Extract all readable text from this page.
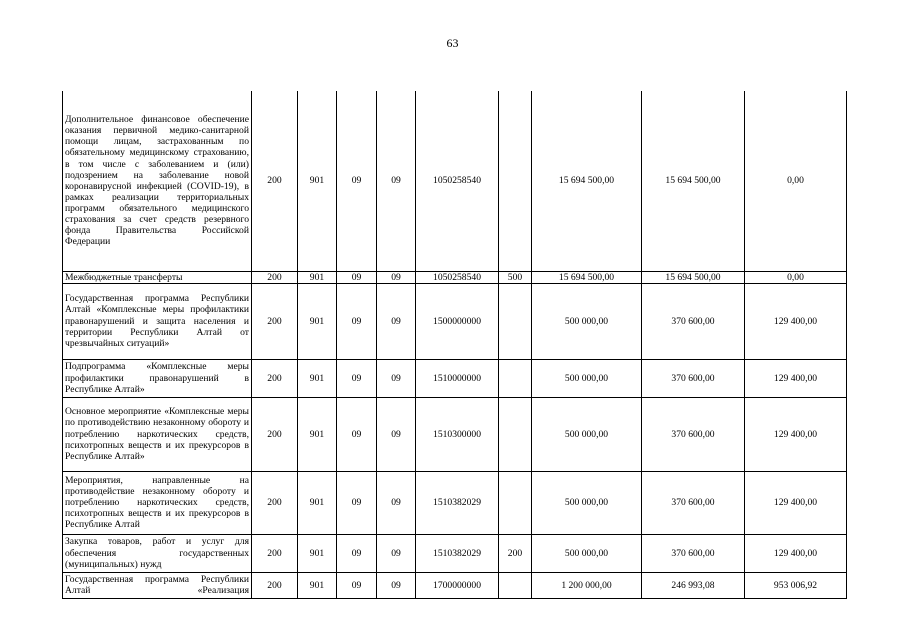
63
Дополнительное финансовое обеспечение оказания первичной медико-санитарной помощи лицам, застрахованным по обязательному медицинскому страхованию, в том числе с заболеванием и (или) подозрением на заболевание новой коронавирусной инфекцией (COVID-19), в рамках реализации территориальных программ обязательного медицинского страхования за счет средств резервного фонда Правительства Российской Федерации	200	901	09	09	1050258540		15 694 500,00	15 694 500,00	0,00
Межбюджетные трансферты	200	901	09	09	1050258540	500	15 694 500,00	15 694 500,00	0,00
Государственная программа Республики Алтай «Комплексные меры профилактики правонарушений и защита населения и территории Республики Алтай от чрезвычайных ситуаций»	200	901	09	09	1500000000		500 000,00	370 600,00	129 400,00
Подпрограмма «Комплексные меры профилактики правонарушений в Республике Алтай»	200	901	09	09	1510000000		500 000,00	370 600,00	129 400,00
Основное мероприятие «Комплексные меры по противодействию незаконному обороту и потреблению наркотических средств, психотропных веществ и их прекурсоров в Республике Алтай»	200	901	09	09	1510300000		500 000,00	370 600,00	129 400,00
Мероприятия, направленные на противодействие незаконному обороту и потреблению наркотических средств, психотропных веществ и их прекурсоров в Республике Алтай	200	901	09	09	1510382029		500 000,00	370 600,00	129 400,00
Закупка товаров, работ и услуг для обеспечения государственных (муниципальных) нужд	200	901	09	09	1510382029	200	500 000,00	370 600,00	129 400,00
Государственная программа Республики Алтай «Реализация	200	901	09	09	1700000000		1 200 000,00	246 993,08	953 006,92
